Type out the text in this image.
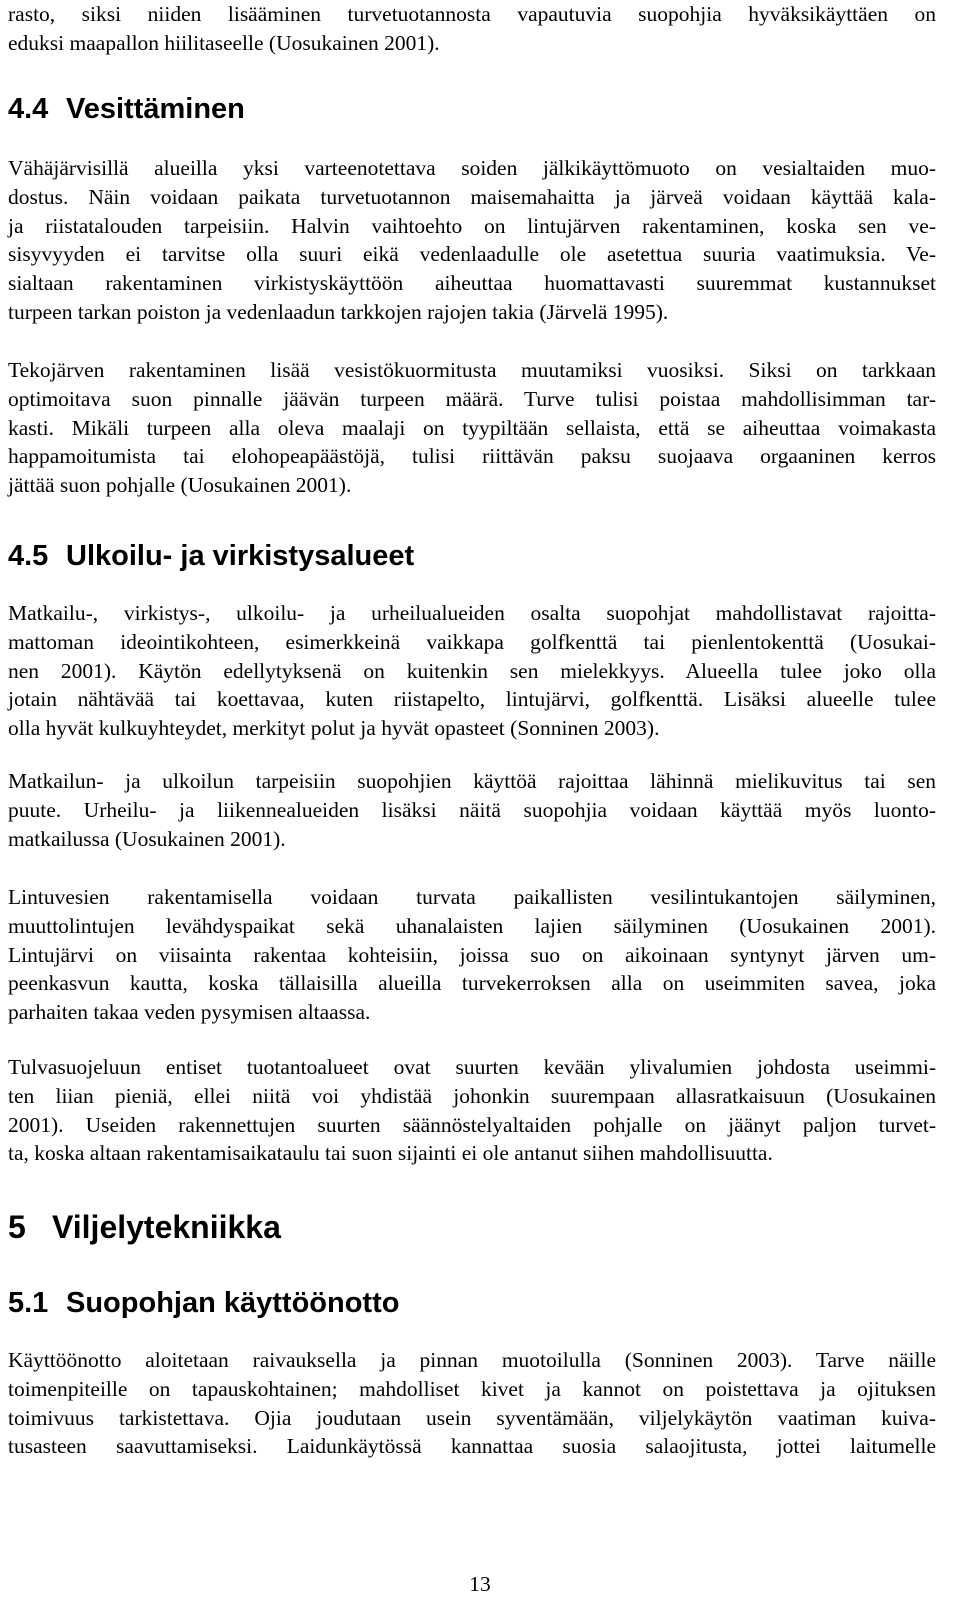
rasto, siksi niiden lisääminen turvetuotannosta vapautuvia suopohjia hyväksikäyttäen on
eduksi maapallon hiilitaseelle (Uosukainen 2001).
4.4 Vesittäminen
Vähäjärvisillä alueilla yksi varteenotettava soiden jälkikäyttömuoto on vesialtaiden muo-
dostus. Näin voidaan paikata turvetuotannon maisemahaitta ja järveä voidaan käyttää kala-
ja riistatalouden tarpeisiin. Halvin vaihtoehto on lintujärven rakentaminen, koska sen ve-
sisyvyyden ei tarvitse olla suuri eikä vedenlaadulle ole asetettua suuria vaatimuksia. Ve-
sialtaan rakentaminen virkistyskäyttöön aiheuttaa huomattavasti suuremmat kustannukset
turpeen tarkan poiston ja vedenlaadun tarkkojen rajojen takia (Järvelä 1995).
Tekojärven rakentaminen lisää vesistökuormitusta muutamiksi vuosiksi. Siksi on tarkkaan
optimoitava suon pinnalle jäävän turpeen määrä. Turve tulisi poistaa mahdollisimman tar-
kasti. Mikäli turpeen alla oleva maalaji on tyypiltään sellaista, että se aiheuttaa voimakasta
happamoitumista tai elohopeapäästöjä, tulisi riittävän paksu suojaava orgaaninen kerros
jättää suon pohjalle (Uosukainen 2001).
4.5 Ulkoilu- ja virkistysalueet
Matkailu-, virkistys-, ulkoilu- ja urheilualueiden osalta suopohjat mahdollistavat rajoitta-
mattoman ideointikohteen, esimerkkeinä vaikkapa golfkenttä tai pienlentokenttä (Uosukai-
nen 2001). Käytön edellytyksenä on kuitenkin sen mielekkyys. Alueella tulee joko olla
jotain nähtävää tai koettavaa, kuten riistapelto, lintujärvi, golfkenttä. Lisäksi alueelle tulee
olla hyvät kulkuyhteydet, merkityt polut ja hyvät opasteet (Sonninen 2003).
Matkailun- ja ulkoilun tarpeisiin suopohjien käyttöä rajoittaa lähinnä mielikuvitus tai sen
puute. Urheilu- ja liikennealueiden lisäksi näitä suopohjia voidaan käyttää myös luonto-
matkailussa (Uosukainen 2001).
Lintuvesien rakentamisella voidaan turvata paikallisten vesilintukantojen säilyminen,
muuttolintujen levähdyspaikat sekä uhanalaisten lajien säilyminen (Uosukainen 2001).
Lintujärvi on viisainta rakentaa kohteisiin, joissa suo on aikoinaan syntynyt järven um-
peenkasvun kautta, koska tällaisilla alueilla turvekerroksen alla on useimmiten savea, joka
parhaiten takaa veden pysymisen altaassa.
Tulvasuojeluun entiset tuotantoalueet ovat suurten kevään ylivalumien johdosta useimmi-
ten liian pieniä, ellei niitä voi yhdistää johonkin suurempaan allasratkaisuun (Uosukainen
2001). Useiden rakennettujen suurten säännöstelyaltaiden pohjalle on jäänyt paljon turvet-
ta, koska altaan rakentamisaikataulu tai suon sijainti ei ole antanut siihen mahdollisuutta.
5 Viljelytekniikka
5.1 Suopohjan käyttöönotto
Käyttöönotto aloitetaan raivauksella ja pinnan muotoilulla (Sonninen 2003). Tarve näille
toimenpiteille on tapauskohtainen; mahdolliset kivet ja kannot on poistettava ja ojituksen
toimivuus tarkistettava. Ojia joudutaan usein syventämään, viljelykäytön vaatiman kuiva-
tusasteen saavuttamiseksi. Laidunkäytössä kannattaa suosia salaojitusta, jottei laitumelle
13
